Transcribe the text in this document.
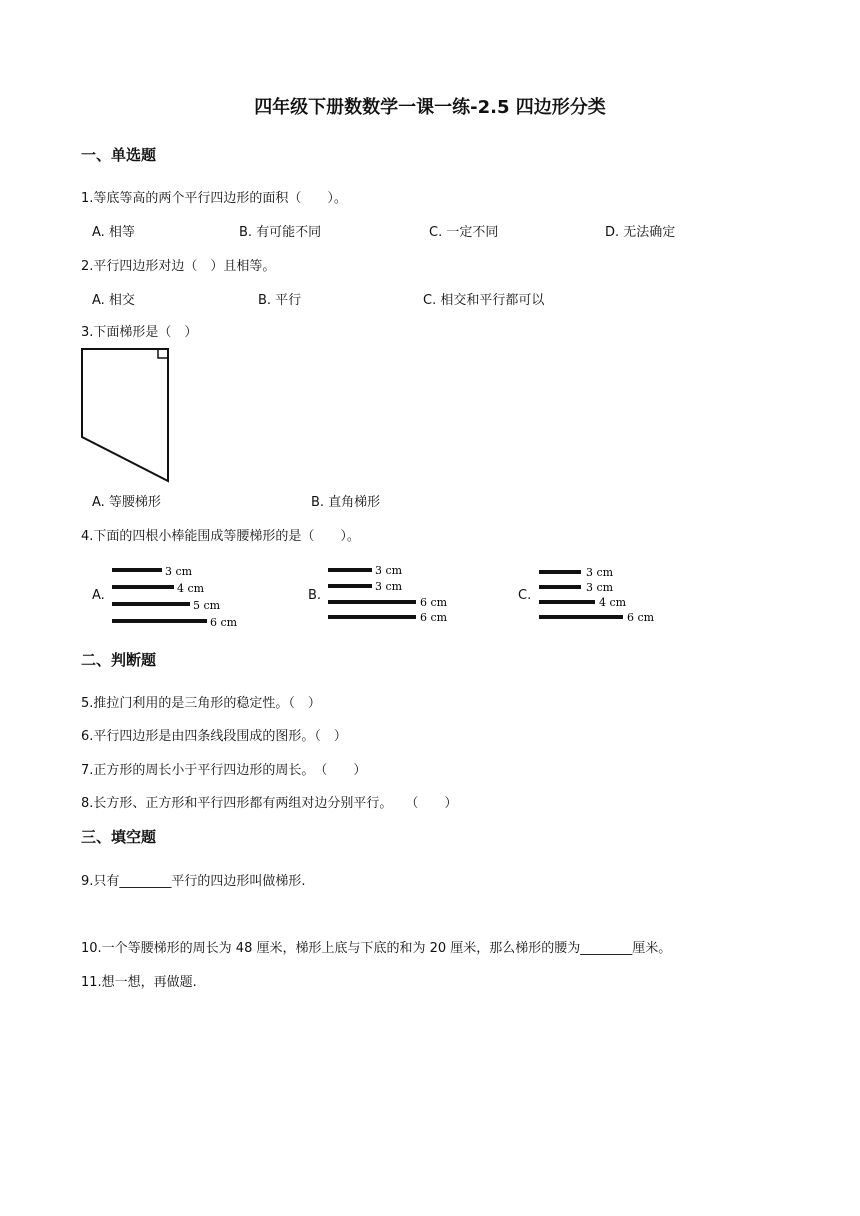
四年级下册数数学一课一练-2.5 四边形分类
一、单选题
1.等底等高的两个平行四边形的面积（　　）。
A. 相等	B. 有可能不同	C. 一定不同	D. 无法确定
2.平行四边形对边（　）且相等。
A. 相交	B. 平行	C. 相交和平行都可以
3.下面梯形是（　）
A. 等腰梯形	B. 直角梯形
4.下面的四根小棒能围成等腰梯形的是（　　）。
A.
3 cm
4 cm
5 cm
6 cm
B.
3 cm
3 cm
6 cm
6 cm
C.
3 cm
3 cm
4 cm
6 cm
二、判断题
5.推拉门利用的是三角形的稳定性。（　）
6.平行四边形是由四条线段围成的图形。（　）
7.正方形的周长小于平行四边形的周长。　（　　）
8.长方形、正方形和平行四形都有两组对边分别平行。　　（　　）
三、填空题
9.只有________平行的四边形叫做梯形.
10.一个等腰梯形的周长为 48 厘米，梯形上底与下底的和为 20 厘米，那么梯形的腰为________厘米。
11.想一想，再做题.
